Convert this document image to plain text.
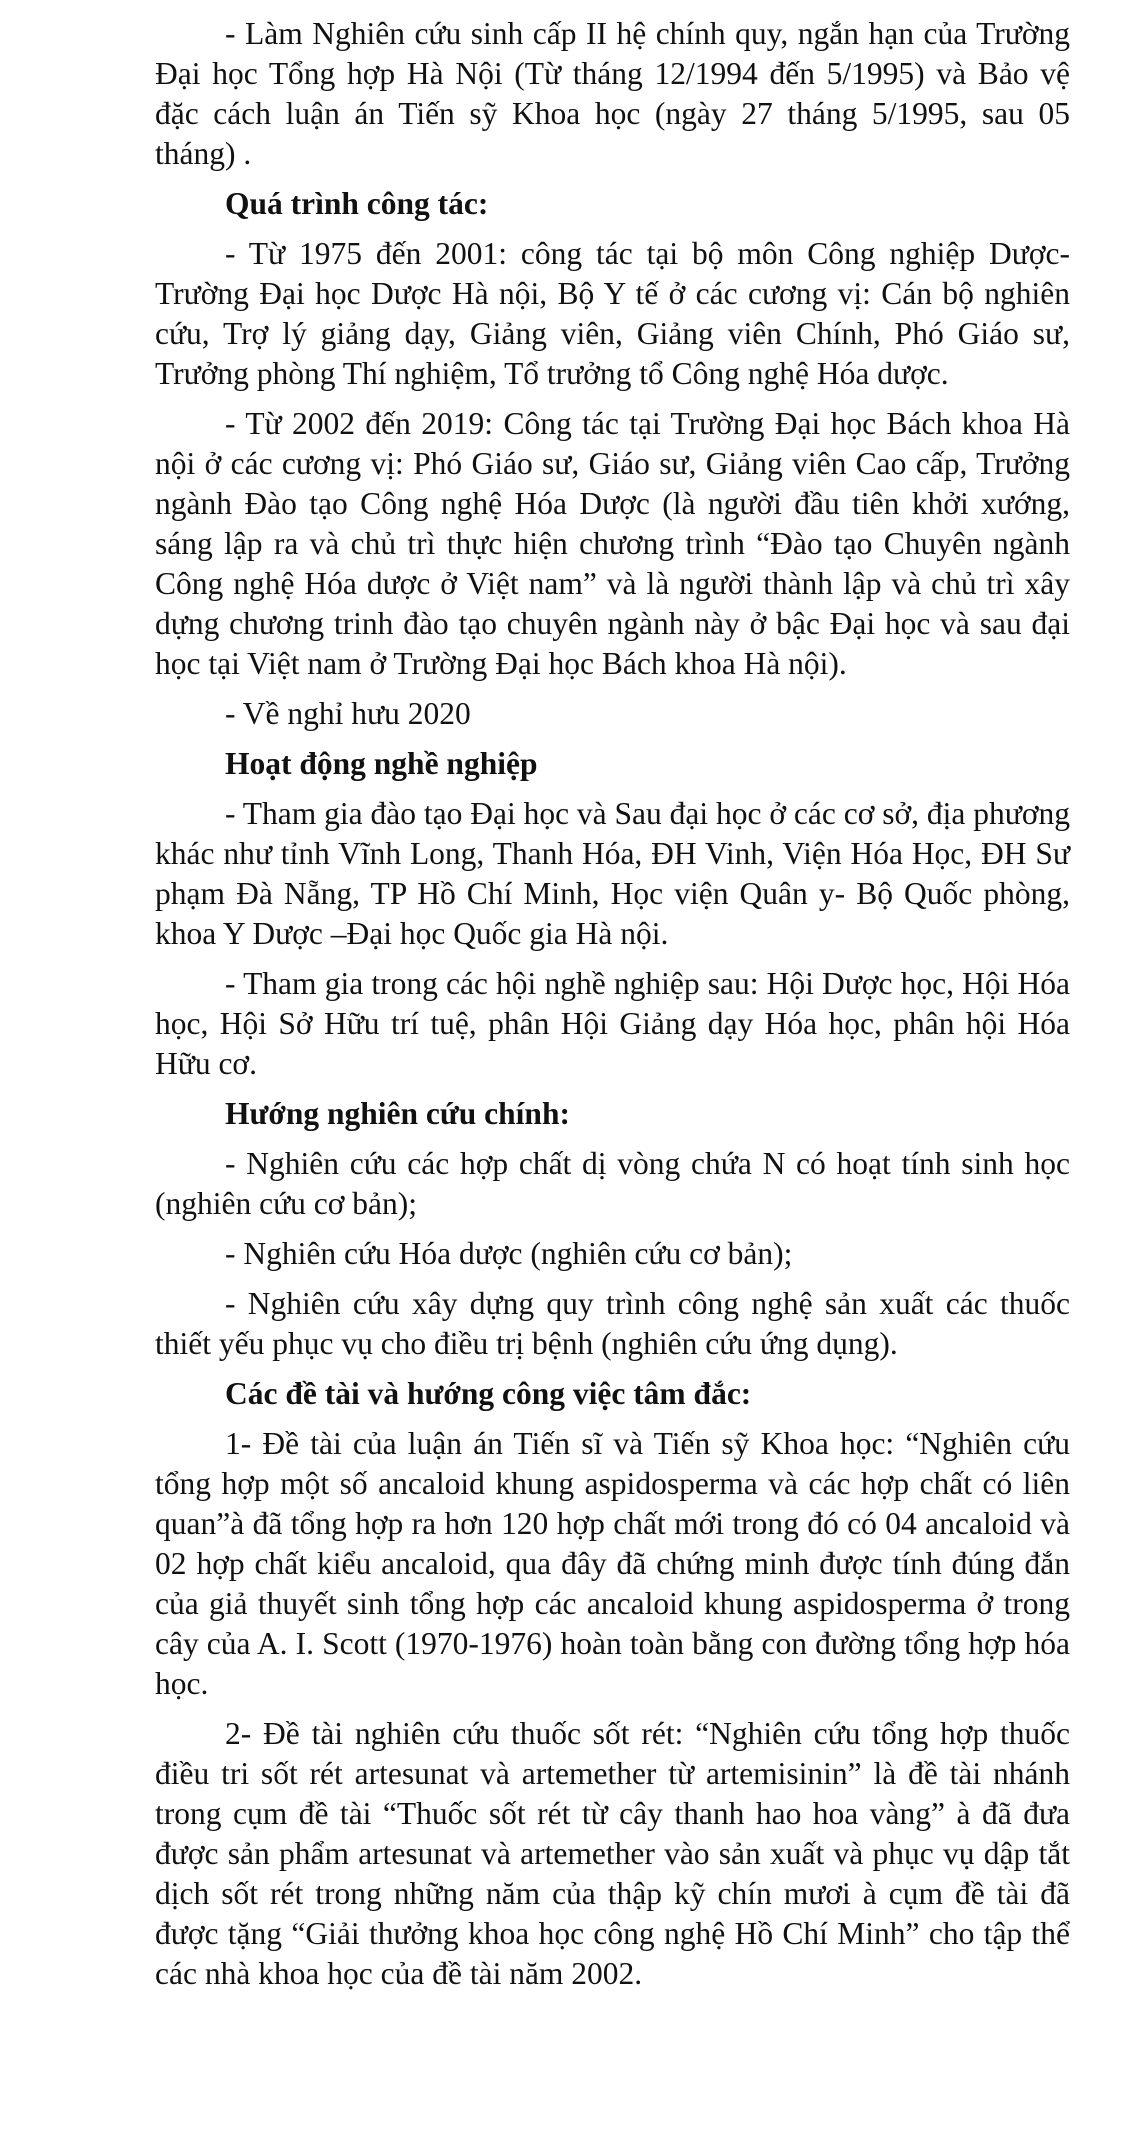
- Làm Nghiên cứu sinh cấp II hệ chính quy, ngắn hạn của Trường Đại học Tổng hợp Hà Nội (Từ tháng 12/1994 đến 5/1995) và Bảo vệ đặc cách luận án Tiến sỹ Khoa học (ngày 27 tháng 5/1995, sau 05 tháng) .

Quá trình công tác:

- Từ 1975 đến 2001: công tác tại bộ môn Công nghiệp Dược-Trường Đại học Dược Hà nội, Bộ Y tế ở các cương vị: Cán bộ nghiên cứu, Trợ lý giảng dạy, Giảng viên, Giảng viên Chính, Phó Giáo sư, Trưởng phòng Thí nghiệm, Tổ trưởng tổ Công nghệ Hóa dược.

- Từ 2002 đến 2019: Công tác tại Trường Đại học Bách khoa Hà nội ở các cương vị: Phó Giáo sư, Giáo sư, Giảng viên Cao cấp, Trưởng ngành Đào tạo Công nghệ Hóa Dược (là người đầu tiên khởi xướng, sáng lập ra và chủ trì thực hiện chương trình “Đào tạo Chuyên ngành Công nghệ Hóa dược ở Việt nam” và là người thành lập và chủ trì xây dựng chương trinh đào tạo chuyên ngành này ở bậc Đại học và sau đại học tại Việt nam ở Trường Đại học Bách khoa Hà nội).

- Về nghỉ hưu 2020

Hoạt động nghề nghiệp

- Tham gia đào tạo Đại học và Sau đại học ở các cơ sở, địa phương khác như tỉnh Vĩnh Long, Thanh Hóa, ĐH Vinh, Viện Hóa Học, ĐH Sư phạm Đà Nẵng, TP Hồ Chí Minh, Học viện Quân y- Bộ Quốc phòng, khoa Y Dược –Đại học Quốc gia Hà nội.

- Tham gia trong các hội nghề nghiệp sau: Hội Dược học, Hội Hóa học, Hội Sở Hữu trí tuệ, phân Hội Giảng dạy Hóa học, phân hội Hóa Hữu cơ.

Hướng nghiên cứu chính:

- Nghiên cứu các hợp chất dị vòng chứa N có hoạt tính sinh học (nghiên cứu cơ bản);

- Nghiên cứu Hóa dược (nghiên cứu cơ bản);

- Nghiên cứu xây dựng quy trình công nghệ sản xuất các thuốc thiết yếu phục vụ cho điều trị bệnh (nghiên cứu ứng dụng).

Các đề tài và hướng công việc tâm đắc:

1- Đề tài của luận án Tiến sĩ và Tiến sỹ Khoa học: “Nghiên cứu tổng hợp một số ancaloid khung aspidosperma và các hợp chất có liên quan”à đã tổng hợp ra hơn 120 hợp chất mới trong đó có 04 ancaloid và 02 hợp chất kiểu ancaloid, qua đây đã chứng minh được tính đúng đắn của giả thuyết sinh tổng hợp các ancaloid khung aspidosperma ở trong cây của A. I. Scott (1970-1976) hoàn toàn bằng con đường tổng hợp hóa học.

2- Đề tài nghiên cứu thuốc sốt rét: “Nghiên cứu tổng hợp thuốc điều tri sốt rét artesunat và artemether từ artemisinin” là đề tài nhánh trong cụm đề tài “Thuốc sốt rét từ cây thanh hao hoa vàng” à đã đưa được sản phẩm artesunat và artemether vào sản xuất và phục vụ dập tắt dịch sốt rét trong những năm của thập kỹ chín mươi à cụm đề tài đã được tặng “Giải thưởng khoa học công nghệ Hồ Chí Minh” cho tập thể các nhà khoa học của đề tài năm 2002.
